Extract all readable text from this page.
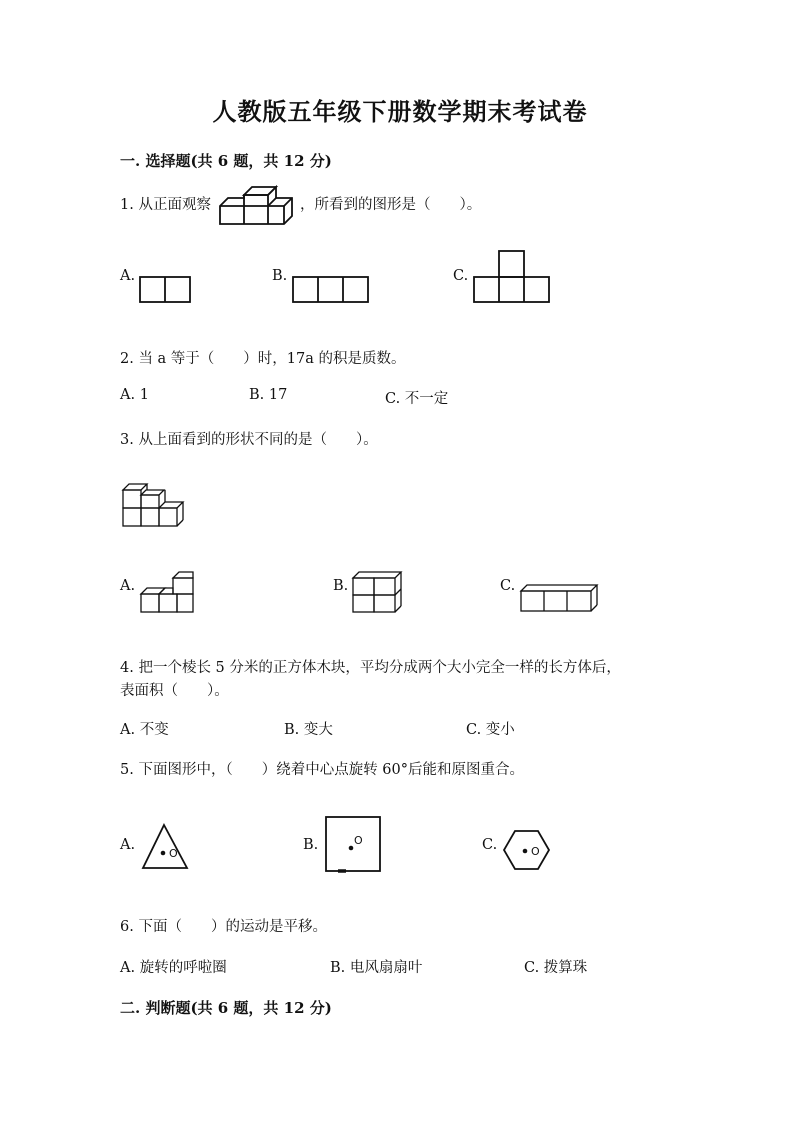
人教版五年级下册数学期末考试卷
一. 选择题(共 6 题，共 12 分)
1. 从正面观察	，所看到的图形是（　　）。
A.	B.	C.
2. 当 a 等于（　　）时，17a 的积是质数。
A. 1	B. 17	C. 不一定
3. 从上面看到的形状不同的是（　　）。
A.	B.	C.
4. 把一个棱长 5 分米的正方体木块，平均分成两个大小完全一样的长方体后，
表面积（　　）。
A. 不变	B. 变大	C. 变小
5. 下面图形中，（　　）绕着中心点旋转 60°后能和原图重合。
A.
O
B.	O	C.	O
6. 下面（　　）的运动是平移。
A. 旋转的呼啦圈	B. 电风扇扇叶	C. 拨算珠
二. 判断题(共 6 题，共 12 分)
